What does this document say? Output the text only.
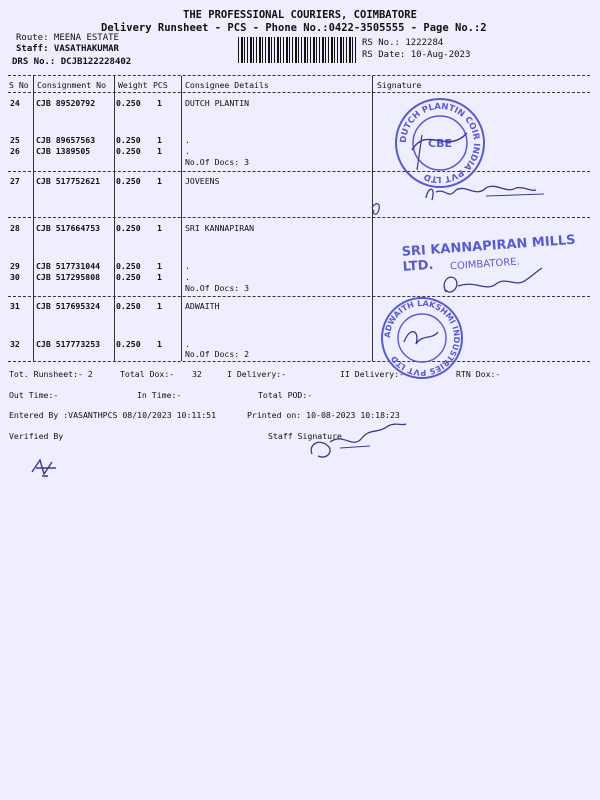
THE PROFESSIONAL COURIERS, COIMBATORE
Delivery Runsheet - PCS - Phone No.:0422-3505555 - Page No.:2
Route: MEENA ESTATE
Staff: VASATHAKUMAR
DRS No.: DCJB122228402
RS No.: 1222284
RS Date: 10-Aug-2023
S No Consignment No Weight PCS Consignee Details	Signature
24 CJB 89520792	0.250 1	DUTCH PLANTIN
25 CJB 89657563	0.250 1	.
26 CJB 1389505	0.250 1	.
No.Of Docs: 3
27 CJB 517752621 0.250 1	JOVEENS
28 CJB 517664753 0.250 1	SRI KANNAPIRAN
29 CJB 517731044 0.250 1	.
30 CJB 517295808 0.250 1	.
No.Of Docs: 3
31 CJB 517695324 0.250 1	ADWAITH
32 CJB 517773253 0.250 1	.
No.Of Docs: 2
Tot. Runsheet:- 2	Total Dox:- 32	I Delivery:-	II Delivery:-	RTN Dox:-
Out Time:-	In Time:-	Total POD:-
Entered By :VASANTHPCS 08/10/2023 10:11:51	Printed on: 10-08-2023 10:18:23
Verified By	Staff Signature
DUTCH PLANTIN COIR INDIA PVT LTD
CBE
SRI KANNAPIRAN MILLS LTD.	COIMBATORE.
ADWAITH LAKSHMI INDUSTRIES PVT LTD
